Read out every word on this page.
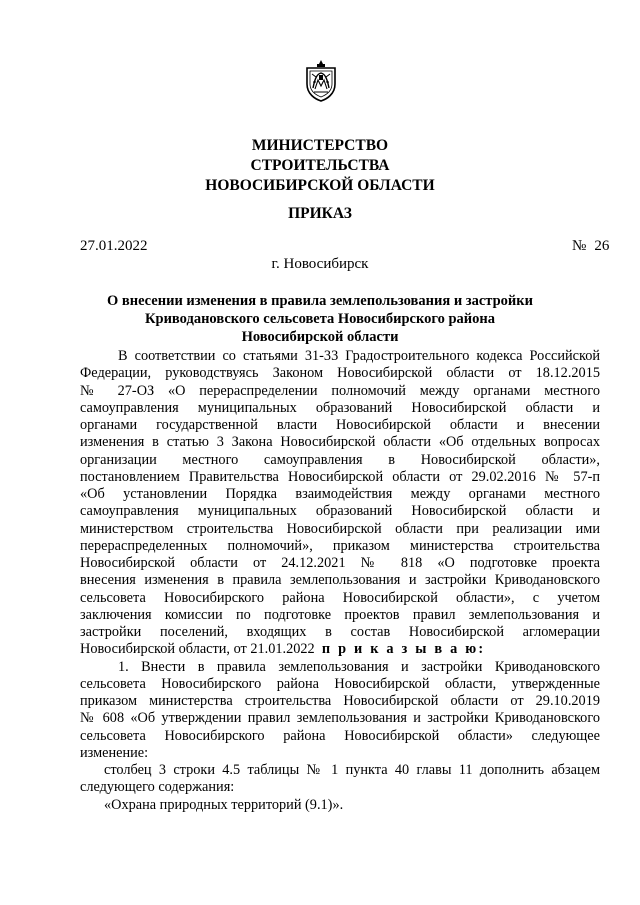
МИНИСТЕРСТВО
СТРОИТЕЛЬСТВА
НОВОСИБИРСКОЙ ОБЛАСТИ
ПРИКАЗ
27.01.2022	№ 26
г. Новосибирск
О внесении изменения в правила землепользования и застройки
Криводановского сельсовета Новосибирского района
Новосибирской области
В соответствии со статьями 31-33 Градостроительного кодекса Российской
Федерации, руководствуясь Законом Новосибирской области от 18.12.2015
№ 27-ОЗ «О перераспределении полномочий между органами местного
самоуправления муниципальных образований Новосибирской области и
органами государственной власти Новосибирской области и внесении
изменения в статью 3 Закона Новосибирской области «Об отдельных вопросах
организации местного самоуправления в Новосибирской области»,
постановлением Правительства Новосибирской области от 29.02.2016 № 57-п
«Об установлении Порядка взаимодействия между органами местного
самоуправления муниципальных образований Новосибирской области и
министерством строительства Новосибирской области при реализации ими
перераспределенных полномочий», приказом министерства строительства
Новосибирской области от 24.12.2021 № 818 «О подготовке проекта
внесения изменения в правила землепользования и застройки Криводановского
сельсовета Новосибирского района Новосибирской области», с учетом
заключения комиссии по подготовке проектов правил землепользования и
застройки поселений, входящих в состав Новосибирской агломерации
Новосибирской области, от 21.01.2022 п р и к а з ы в а ю:
1. Внести в правила землепользования и застройки Криводановского
сельсовета Новосибирского района Новосибирской области, утвержденные
приказом министерства строительства Новосибирской области от 29.10.2019
№ 608 «Об утверждении правил землепользования и застройки Криводановского
сельсовета Новосибирского района Новосибирской области» следующее
изменение:
столбец 3 строки 4.5 таблицы № 1 пункта 40 главы 11 дополнить абзацем
следующего содержания:
«Охрана природных территорий (9.1)».
